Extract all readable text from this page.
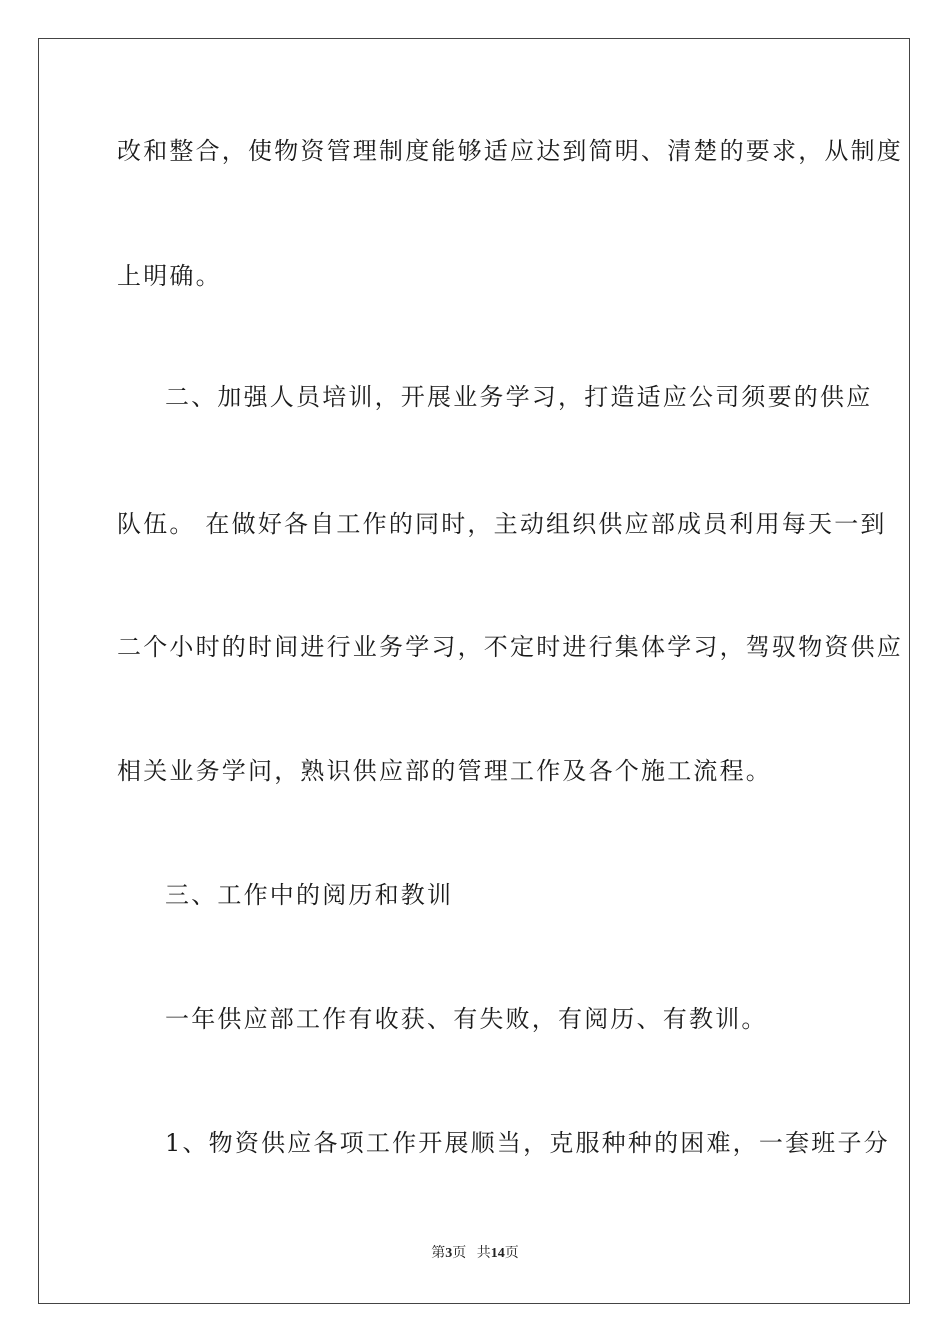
改和整合，使物资管理制度能够适应达到简明、清楚的要求，从制度
上明确。
二、加强人员培训，开展业务学习，打造适应公司须要的供应
队伍。 在做好各自工作的同时，主动组织供应部成员利用每天一到
二个小时的时间进行业务学习，不定时进行集体学习，驾驭物资供应
相关业务学问，熟识供应部的管理工作及各个施工流程。
三、工作中的阅历和教训
一年供应部工作有收获、有失败，有阅历、有教训。
1、物资供应各项工作开展顺当，克服种种的困难，一套班子分
第3页 共14页
